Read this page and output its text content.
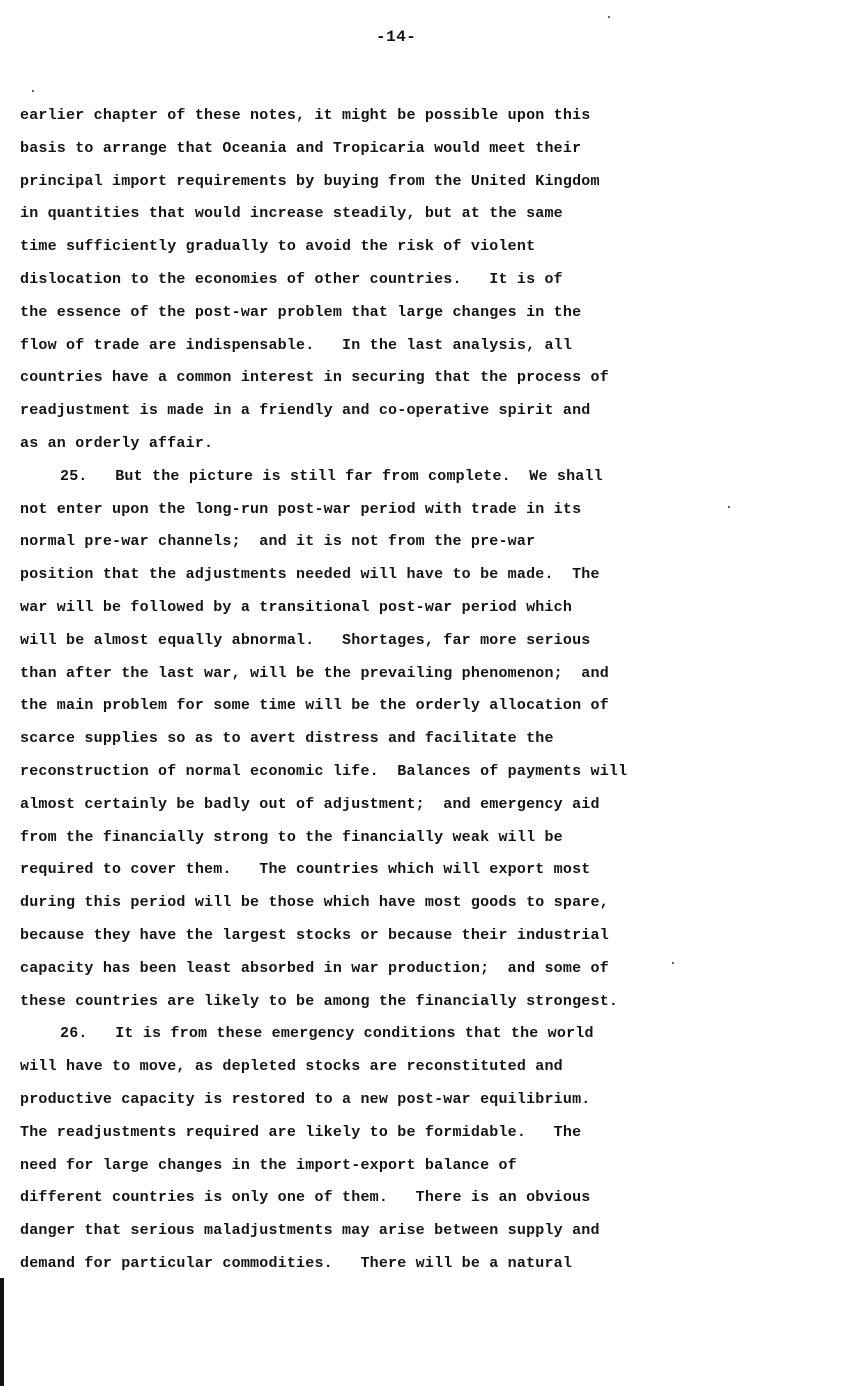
-14-
earlier chapter of these notes, it might be possible upon this
basis to arrange that Oceania and Tropicaria would meet their
principal import requirements by buying from the United Kingdom
in quantities that would increase steadily, but at the same
time sufficiently gradually to avoid the risk of violent
dislocation to the economies of other countries.   It is of
the essence of the post-war problem that large changes in the
flow of trade are indispensable.   In the last analysis, all
countries have a common interest in securing that the process of
readjustment is made in a friendly and co-operative spirit and
as an orderly affair.
25.   But the picture is still far from complete.  We shall
not enter upon the long-run post-war period with trade in its
normal pre-war channels;  and it is not from the pre-war
position that the adjustments needed will have to be made.  The
war will be followed by a transitional post-war period which
will be almost equally abnormal.   Shortages, far more serious
than after the last war, will be the prevailing phenomenon;  and
the main problem for some time will be the orderly allocation of
scarce supplies so as to avert distress and facilitate the
reconstruction of normal economic life.  Balances of payments will
almost certainly be badly out of adjustment;  and emergency aid
from the financially strong to the financially weak will be
required to cover them.   The countries which will export most
during this period will be those which have most goods to spare,
because they have the largest stocks or because their industrial
capacity has been least absorbed in war production;  and some of
these countries are likely to be among the financially strongest.
26.   It is from these emergency conditions that the world
will have to move, as depleted stocks are reconstituted and
productive capacity is restored to a new post-war equilibrium.
The readjustments required are likely to be formidable.   The
need for large changes in the import-export balance of
different countries is only one of them.   There is an obvious
danger that serious maladjustments may arise between supply and
demand for particular commodities.   There will be a natural
